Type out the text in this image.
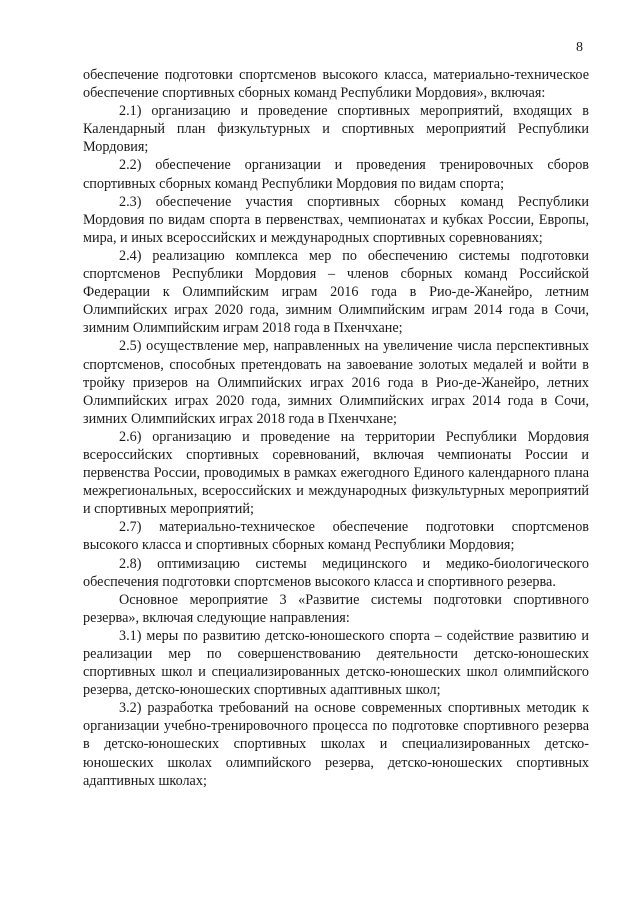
8

обеспечение подготовки спортсменов высокого класса, материально-техническое обеспечение спортивных сборных команд Республики Мордовия», включая:

2.1) организацию и проведение спортивных мероприятий, входящих в Календарный план физкультурных и спортивных мероприятий Республики Мордовия;

2.2) обеспечение организации и проведения тренировочных сборов спортивных сборных команд Республики Мордовия по видам спорта;

2.3) обеспечение участия спортивных сборных команд Республики Мордовия по видам спорта в первенствах, чемпионатах и кубках России, Европы, мира, и иных всероссийских и международных спортивных соревнованиях;

2.4) реализацию комплекса мер по обеспечению системы подготовки спортсменов Республики Мордовия – членов сборных команд Российской Федерации к Олимпийским играм 2016 года в Рио-де-Жанейро, летним Олимпийских играх 2020 года, зимним Олимпийским играм 2014 года в Сочи, зимним Олимпийским играм 2018 года в Пхенчхане;

2.5) осуществление мер, направленных на увеличение числа перспективных спортсменов, способных претендовать на завоевание золотых медалей и войти в тройку призеров на Олимпийских играх 2016 года в Рио-де-Жанейро, летних Олимпийских играх 2020 года, зимних Олимпийских играх 2014 года в Сочи, зимних Олимпийских играх 2018 года в Пхенчхане;

2.6) организацию и проведение на территории Республики Мордовия всероссийских спортивных соревнований, включая чемпионаты России и первенства России, проводимых в рамках ежегодного Единого календарного плана межрегиональных, всероссийских и международных физкультурных мероприятий и спортивных мероприятий;

2.7) материально-техническое обеспечение подготовки спортсменов высокого класса и спортивных сборных команд Республики Мордовия;

2.8) оптимизацию системы медицинского и медико-биологического обеспечения подготовки спортсменов высокого класса и спортивного резерва.

Основное мероприятие 3 «Развитие системы подготовки спортивного резерва», включая следующие направления:

3.1) меры по развитию детско-юношеского спорта – содействие развитию и реализации мер по совершенствованию деятельности детско-юношеских спортивных школ и специализированных детско-юношеских школ олимпийского резерва, детско-юношеских спортивных адаптивных школ;

3.2) разработка требований на основе современных спортивных методик к организации учебно-тренировочного процесса по подготовке спортивного резерва в детско-юношеских спортивных школах и специализированных детско-юношеских школах олимпийского резерва, детско-юношеских спортивных адаптивных школах;
